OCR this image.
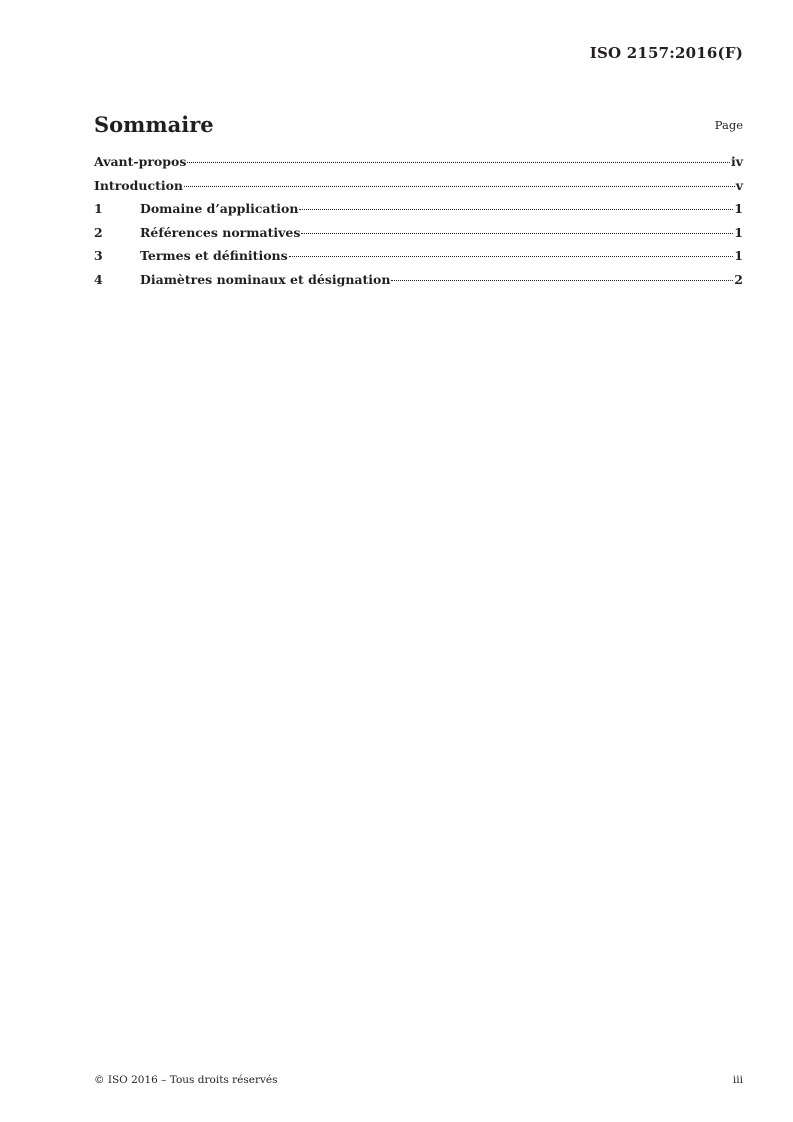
ISO 2157:2016(F)
Sommaire	Page
Avant-propos	iv
Introduction	v
1	Domaine d’application	1
2	Références normatives	1
3	Termes et définitions	1
4	Diamètres nominaux et désignation	2
© ISO 2016 – Tous droits réservés	iii
